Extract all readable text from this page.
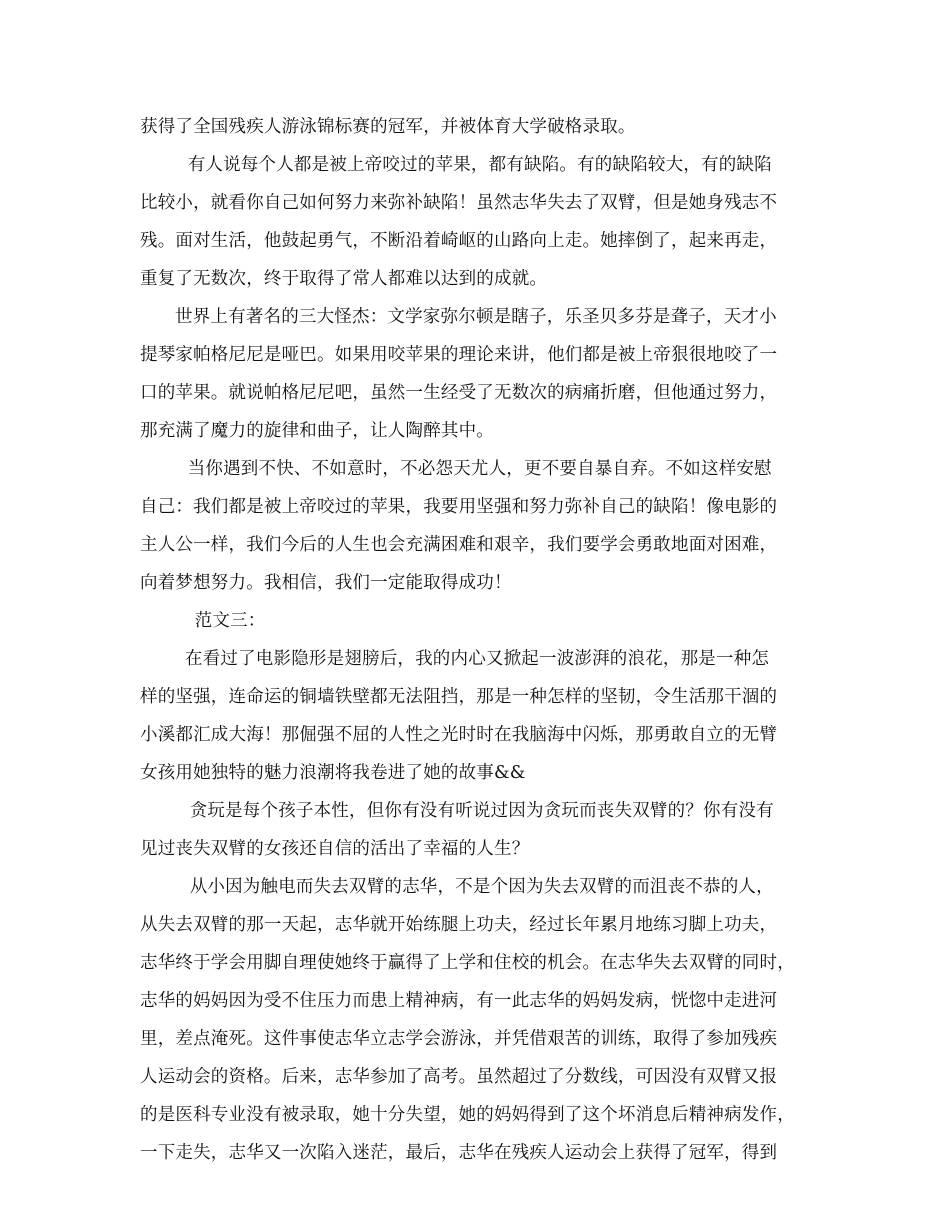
获得了全国残疾人游泳锦标赛的冠军，并被体育大学破格录取。
　有人说每个人都是被上帝咬过的苹果，都有缺陷。有的缺陷较大，有的缺陷
比较小，就看你自己如何努力来弥补缺陷！虽然志华失去了双臂，但是她身残志不
残。面对生活，他鼓起勇气，不断沿着崎岖的山路向上走。她摔倒了，起来再走，
重复了无数次，终于取得了常人都难以达到的成就。
世界上有著名的三大怪杰：文学家弥尔顿是瞎子，乐圣贝多芬是聋子，天才小
提琴家帕格尼尼是哑巴。如果用咬苹果的理论来讲，他们都是被上帝狠很地咬了一
口的苹果。就说帕格尼尼吧，虽然一生经受了无数次的病痛折磨，但他通过努力，
那充满了魔力的旋律和曲子，让人陶醉其中。
　当你遇到不快、不如意时，不必怨天尤人，更不要自暴自弃。不如这样安慰
自己：我们都是被上帝咬过的苹果，我要用坚强和努力弥补自己的缺陷！像电影的
主人公一样，我们今后的人生也会充满困难和艰辛，我们要学会勇敢地面对困难，
向着梦想努力。我相信，我们一定能取得成功！
　范文三：
在看过了电影隐形是翅膀后，我的内心又掀起一波澎湃的浪花，那是一种怎
样的坚强，连命运的铜墙铁壁都无法阻挡，那是一种怎样的坚韧，令生活那干涸的
小溪都汇成大海！那倔强不屈的人性之光时时在我脑海中闪烁，那勇敢自立的无臂
女孩用她独特的魅力浪潮将我卷进了她的故事&&
　贪玩是每个孩子本性，但你有没有听说过因为贪玩而丧失双臂的？你有没有
见过丧失双臂的女孩还自信的活出了幸福的人生？
　从小因为触电而失去双臂的志华，不是个因为失去双臂的而沮丧不恭的人，
从失去双臂的那一天起，志华就开始练腿上功夫，经过长年累月地练习脚上功夫，
志华终于学会用脚自理使她终于赢得了上学和住校的机会。在志华失去双臂的同时，
志华的妈妈因为受不住压力而患上精神病，有一此志华的妈妈发病，恍惚中走进河
里，差点淹死。这件事使志华立志学会游泳，并凭借艰苦的训练，取得了参加残疾
人运动会的资格。后来，志华参加了高考。虽然超过了分数线，可因没有双臂又报
的是医科专业没有被录取，她十分失望，她的妈妈得到了这个坏消息后精神病发作，
一下走失，志华又一次陷入迷茫，最后，志华在残疾人运动会上获得了冠军，得到
